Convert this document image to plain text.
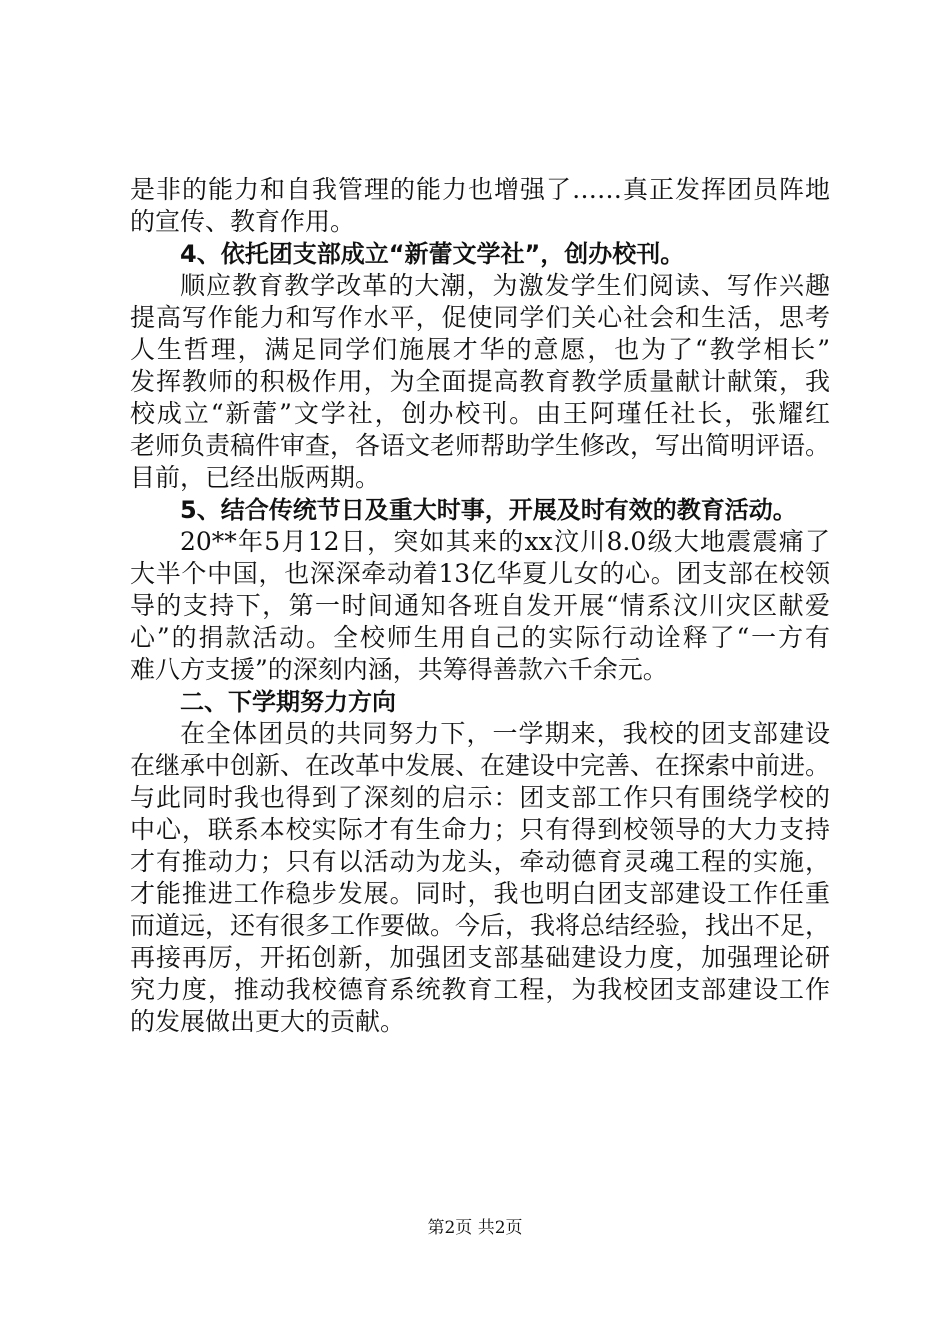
是非的能力和自我管理的能力也增强了……真正发挥团员阵地
的宣传、教育作用。
4、依托团支部成立“新蕾文学社”，创办校刊。
顺应教育教学改革的大潮，为激发学生们阅读、写作兴趣
提高写作能力和写作水平，促使同学们关心社会和生活，思考
人生哲理，满足同学们施展才华的意愿，也为了“教学相长”
发挥教师的积极作用，为全面提高教育教学质量献计献策，我
校成立“新蕾”文学社，创办校刊。由王阿瑾任社长，张耀红
老师负责稿件审查，各语文老师帮助学生修改，写出简明评语。
目前，已经出版两期。
5、结合传统节日及重大时事，开展及时有效的教育活动。
20**年5月12日，突如其来的xx汶川8.0级大地震震痛了
大半个中国，也深深牵动着13亿华夏儿女的心。团支部在校领
导的支持下，第一时间通知各班自发开展“情系汶川灾区献爱
心”的捐款活动。全校师生用自己的实际行动诠释了“一方有
难八方支援”的深刻内涵，共筹得善款六千余元。
二、下学期努力方向
在全体团员的共同努力下，一学期来，我校的团支部建设
在继承中创新、在改革中发展、在建设中完善、在探索中前进。
与此同时我也得到了深刻的启示：团支部工作只有围绕学校的
中心，联系本校实际才有生命力；只有得到校领导的大力支持
才有推动力；只有以活动为龙头，牵动德育灵魂工程的实施，
才能推进工作稳步发展。同时，我也明白团支部建设工作任重
而道远，还有很多工作要做。今后，我将总结经验，找出不足，
再接再厉，开拓创新，加强团支部基础建设力度，加强理论研
究力度，推动我校德育系统教育工程，为我校团支部建设工作
的发展做出更大的贡献。
第2页 共2页
